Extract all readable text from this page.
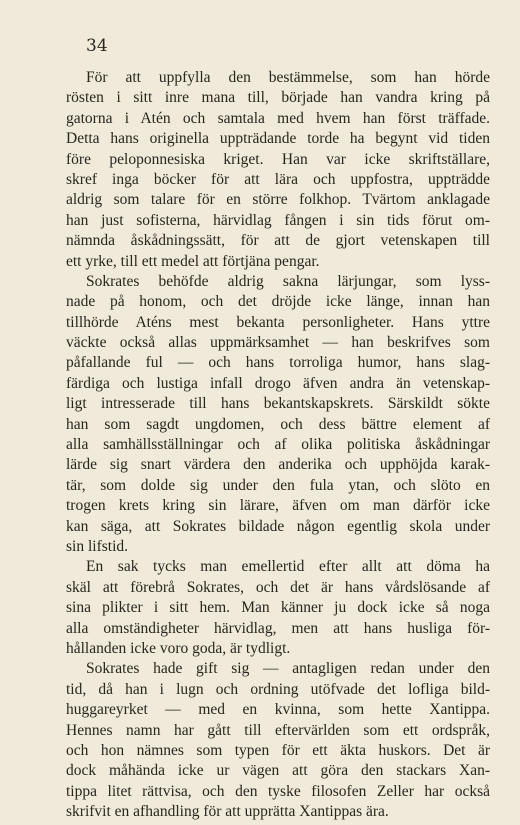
34
För att uppfylla den bestämmelse, som han hörde
rösten i sitt inre mana till, började han vandra kring på
gatorna i Atén och samtala med hvem han först träffade.
Detta hans originella uppträdande torde ha begynt vid tiden
före peloponnesiska kriget. Han var icke skriftställare,
skref inga böcker för att lära och uppfostra, uppträdde
aldrig som talare för en större folkhop. Tvärtom anklagade
han just sofisterna, härvidlag fången i sin tids förut om-
nämnda åskådningssätt, för att de gjort vetenskapen till
ett yrke, till ett medel att förtjäna pengar.
Sokrates behöfde aldrig sakna lärjungar, som lyss-
nade på honom, och det dröjde icke länge, innan han
tillhörde Aténs mest bekanta personligheter. Hans yttre
väckte också allas uppmärksamhet — han beskrifves som
påfallande ful — och hans torroliga humor, hans slag-
färdiga och lustiga infall drogo äfven andra än vetenskap-
ligt intresserade till hans bekantskapskrets. Särskildt sökte
han som sagdt ungdomen, och dess bättre element af
alla samhällsställningar och af olika politiska åskådningar
lärde sig snart värdera den anderika och upphöjda karak-
tär, som dolde sig under den fula ytan, och slöto en
trogen krets kring sin lärare, äfven om man därför icke
kan säga, att Sokrates bildade någon egentlig skola under
sin lifstid.
En sak tycks man emellertid efter allt att döma ha
skäl att förebrå Sokrates, och det är hans vårdslösande af
sina plikter i sitt hem. Man känner ju dock icke så noga
alla omständigheter härvidlag, men att hans husliga för-
hållanden icke voro goda, är tydligt.
Sokrates hade gift sig — antagligen redan under den
tid, då han i lugn och ordning utöfvade det lofliga bild-
huggareyrket — med en kvinna, som hette Xantippa.
Hennes namn har gått till eftervärlden som ett ordspråk,
och hon nämnes som typen för ett äkta huskors. Det är
dock måhända icke ur vägen att göra den stackars Xan-
tippa litet rättvisa, och den tyske filosofen Zeller har också
skrifvit en afhandling för att upprätta Xantippas ära.
